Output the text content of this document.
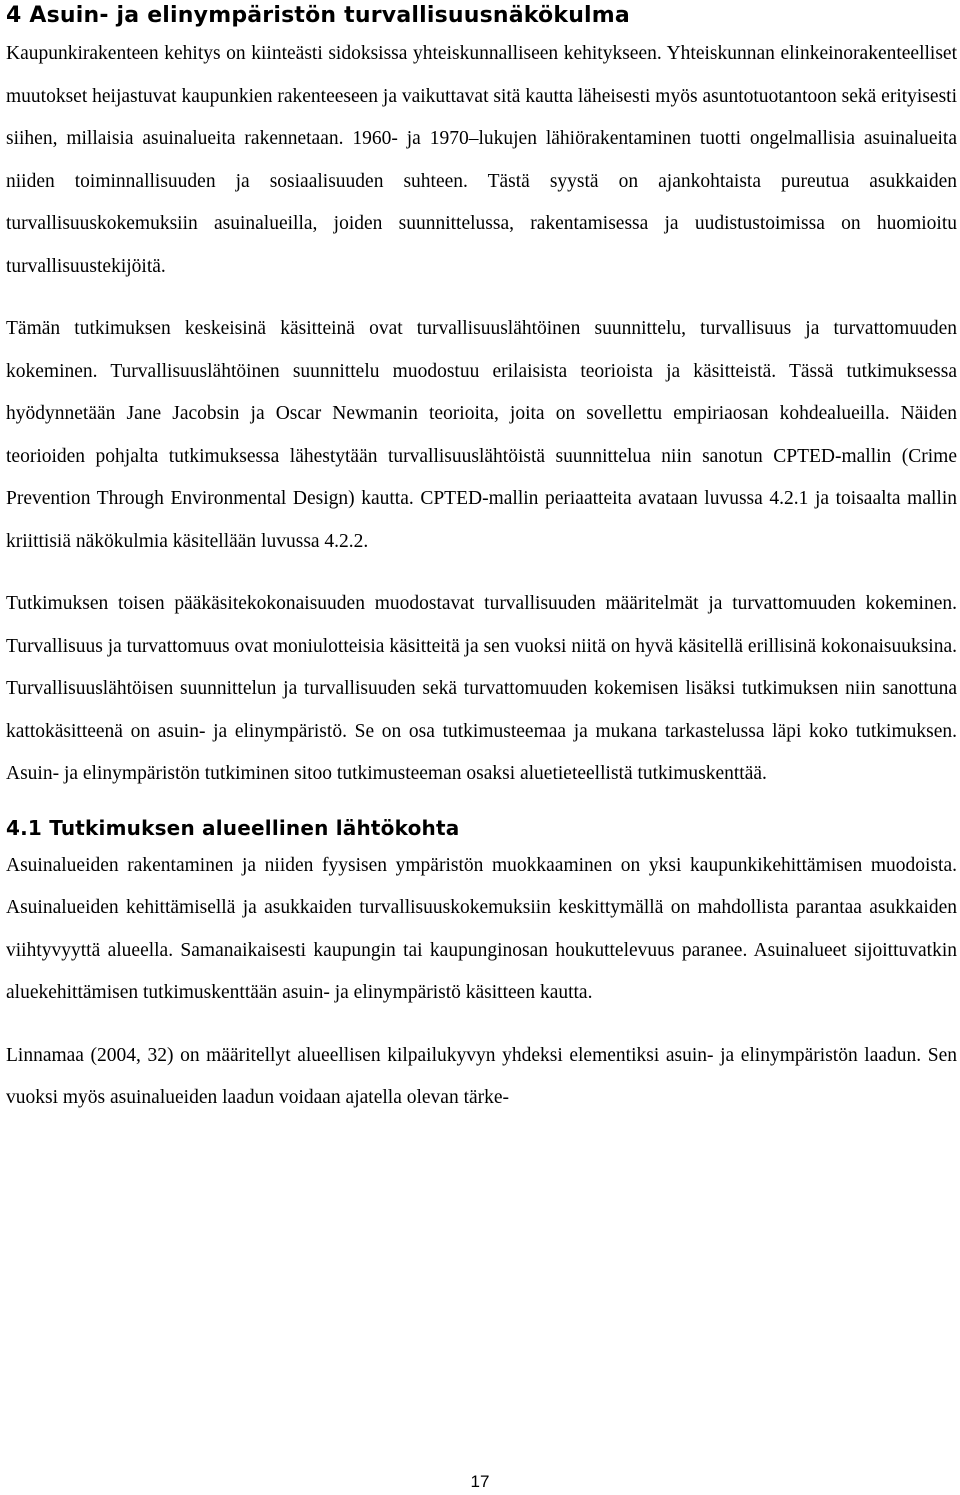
4 Asuin- ja elinympäristön turvallisuusnäkökulma

Kaupunkirakenteen kehitys on kiinteästi sidoksissa yhteiskunnalliseen kehitykseen. Yhteiskunnan elinkeinorakenteelliset muutokset heijastuvat kaupunkien rakenteeseen ja vaikuttavat sitä kautta läheisesti myös asuntotuotantoon sekä erityisesti siihen, millaisia asuinalueita rakennetaan. 1960- ja 1970–lukujen lähiörakentaminen tuotti ongelmallisia asuinalueita niiden toiminnallisuuden ja sosiaalisuuden suhteen. Tästä syystä on ajankohtaista pureutua asukkaiden turvallisuuskokemuksiin asuinalueilla, joiden suunnittelussa, rakentamisessa ja uudistustoimissa on huomioitu turvallisuustekijöitä.

Tämän tutkimuksen keskeisinä käsitteinä ovat turvallisuuslähtöinen suunnittelu, turvallisuus ja turvattomuuden kokeminen. Turvallisuuslähtöinen suunnittelu muodostuu erilaisista teorioista ja käsitteistä. Tässä tutkimuksessa hyödynnetään Jane Jacobsin ja Oscar Newmanin teorioita, joita on sovellettu empiriaosan kohdealueilla. Näiden teorioiden pohjalta tutkimuksessa lähestytään turvallisuuslähtöistä suunnittelua niin sanotun CPTED-mallin (Crime Prevention Through Environmental Design) kautta. CPTED-mallin periaatteita avataan luvussa 4.2.1 ja toisaalta mallin kriittisiä näkökulmia käsitellään luvussa 4.2.2.

Tutkimuksen toisen pääkäsitekokonaisuuden muodostavat turvallisuuden määritelmät ja turvattomuuden kokeminen. Turvallisuus ja turvattomuus ovat moniulotteisia käsitteitä ja sen vuoksi niitä on hyvä käsitellä erillisinä kokonaisuuksina. Turvallisuuslähtöisen suunnittelun ja turvallisuuden sekä turvattomuuden kokemisen lisäksi tutkimuksen niin sanottuna kattokäsitteenä on asuin- ja elinympäristö. Se on osa tutkimusteemaa ja mukana tarkastelussa läpi koko tutkimuksen. Asuin- ja elinympäristön tutkiminen sitoo tutkimusteeman osaksi aluetieteellistä tutkimuskenttää.

4.1 Tutkimuksen alueellinen lähtökohta

Asuinalueiden rakentaminen ja niiden fyysisen ympäristön muokkaaminen on yksi kaupunkikehittämisen muodoista. Asuinalueiden kehittämisellä ja asukkaiden turvallisuuskokemuksiin keskittymällä on mahdollista parantaa asukkaiden viihtyvyyttä alueella. Samanaikaisesti kaupungin tai kaupunginosan houkuttelevuus paranee. Asuinalueet sijoittuvatkin aluekehittämisen tutkimuskenttään asuin- ja elinympäristö käsitteen kautta.

Linnamaa (2004, 32) on määritellyt alueellisen kilpailukyvyn yhdeksi elementiksi asuin- ja elinympäristön laadun. Sen vuoksi myös asuinalueiden laadun voidaan ajatella olevan tärke-

17
